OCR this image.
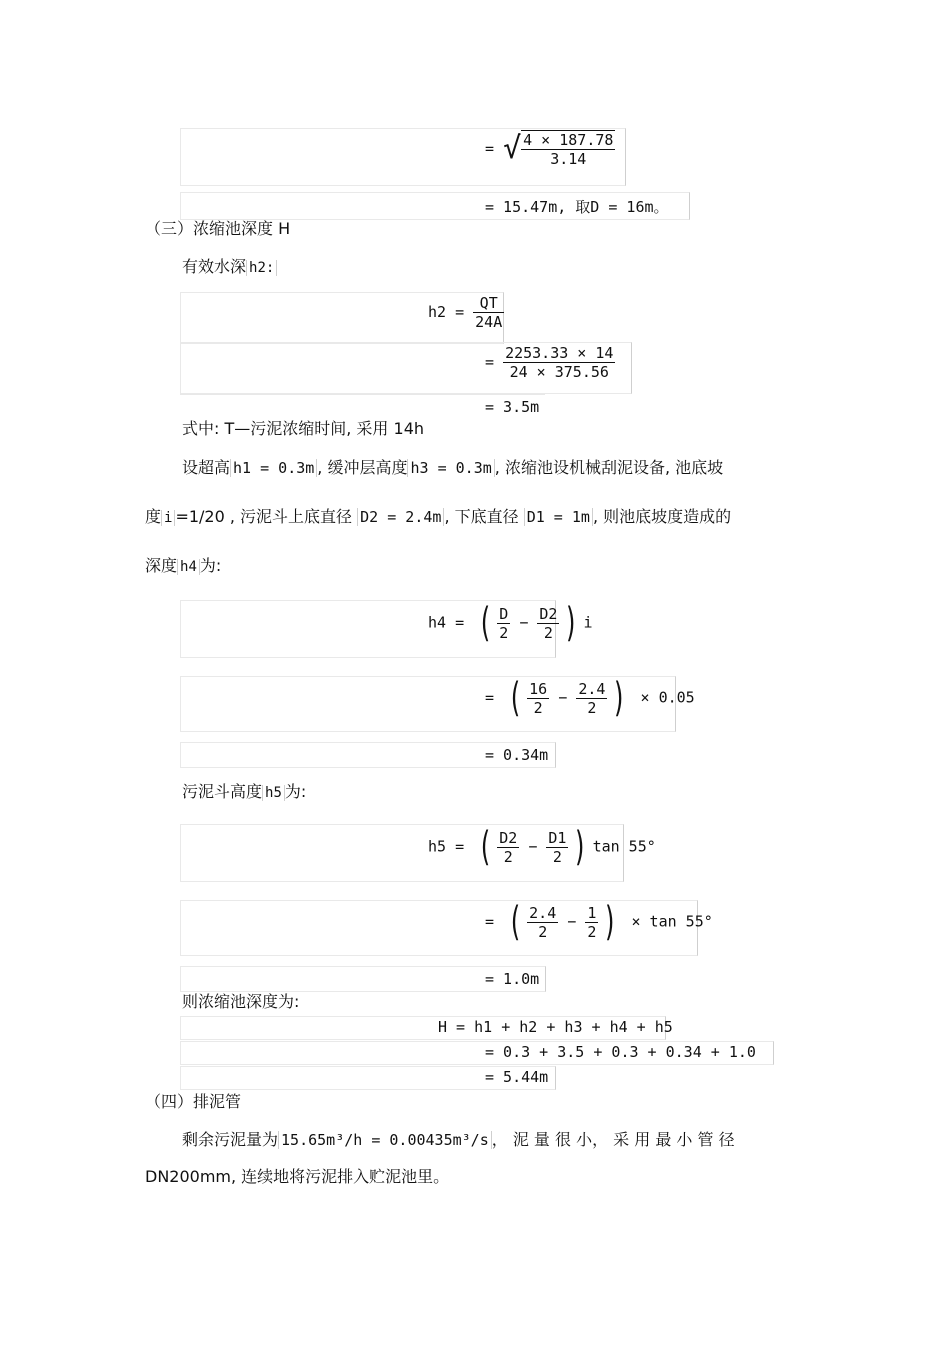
= √ $\frac{4 \times 187.78}{3.14}$
= 15.47m, 取D = 16m。
（三）浓缩池深度 H
有效水深 h2:
$h2 = \frac{QT}{24A}$
= $\frac{2253.33 \times 14}{24 \times 375.56}$
= 3.5m
式中: T—污泥浓缩时间, 采用 14h
设超高 h1 = 0.3m , 缓冲层高度 h3 = 0.3m , 浓缩池设机械刮泥设备, 池底坡
度 i =1/20 , 污泥斗上底直径 D2 = 2.4m , 下底直径 D1 = 1m , 则池底坡度造成的
深度 h4 为:
h4 = ( $\frac{D}{2} - \frac{D2}{2}$ ) i
= ( $\frac{16}{2} - \frac{2.4}{2}$ ) × 0.05
= 0.34m
污泥斗高度 h5 为:
h5 = ( $\frac{D2}{2} - \frac{D1}{2}$ ) tan 55°
= ( $\frac{2.4}{2} - \frac{1}{2}$ ) × tan 55°
= 1.0m
则浓缩池深度为:
H = h1 + h2 + h3 + h4 + h5
= 0.3 + 3.5 + 0.3 + 0.34 + 1.0
= 5.44m
（四）排泥管
剩余污泥量为 15.65m³/h = 0.00435m³/s ， 泥 量 很 小， 采 用 最 小 管 径
DN200mm, 连续地将污泥排入贮泥池里。
